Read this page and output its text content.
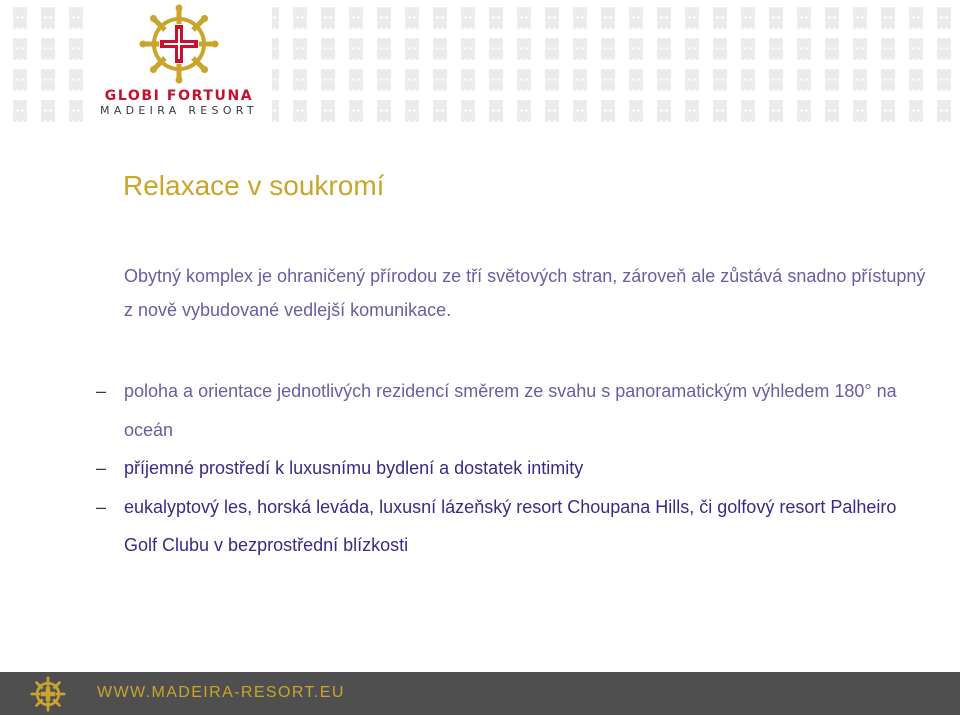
GLOBI FORTUNA
MADEIRA RESORT
Relaxace v soukromí

Obytný komplex je ohraničený přírodou ze tří světových stran, zároveň ale zůstává snadno přístupný z nově vybudované vedlejší komunikace.

– poloha a orientace jednotlivých rezidencí směrem ze svahu s panoramatickým výhledem 180° na oceán
– příjemné prostředí k luxusnímu bydlení a dostatek intimity
– eukalyptový les, horská leváda, luxusní lázeňský resort Choupana Hills, či golfový resort Palheiro Golf Clubu v bezprostřední blízkosti
WWW.MADEIRA-RESORT.EU
